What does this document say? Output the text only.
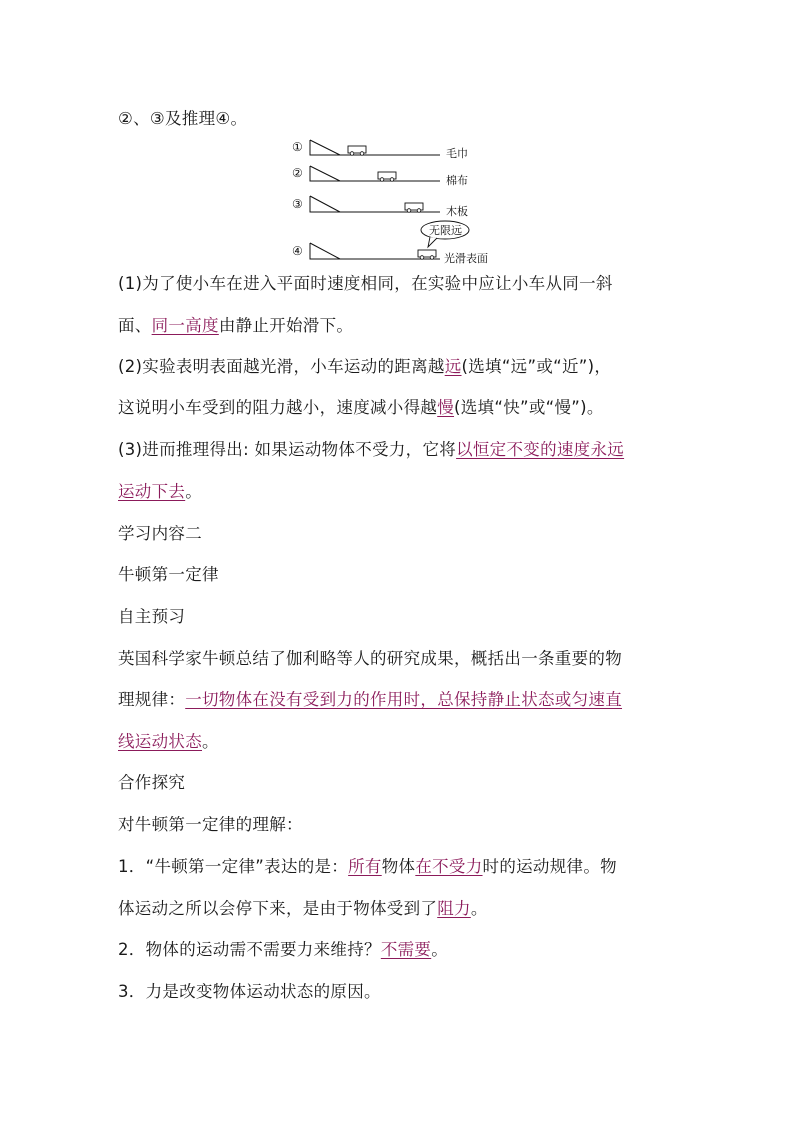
②、③及推理④。
①	毛巾
②
棉布
③
木板
④
无限远
光滑表面
(1)为了使小车在进入平面时速度相同，在实验中应让小车从同一斜
面、同一高度由静止开始滑下。
(2)实验表明表面越光滑，小车运动的距离越远(选填“远”或“近”)，
这说明小车受到的阻力越小，速度减小得越慢(选填“快”或“慢”)。
(3)进而推理得出: 如果运动物体不受力，它将以恒定不变的速度永远
运动下去。
学习内容二
牛顿第一定律
自主预习
英国科学家牛顿总结了伽利略等人的研究成果，概括出一条重要的物
理规律：一切物体在没有受到力的作用时，总保持静止状态或匀速直
线运动状态。
合作探究
对牛顿第一定律的理解：
1．“牛顿第一定律”表达的是：所有物体在不受力时的运动规律。物
体运动之所以会停下来，是由于物体受到了阻力。
2．物体的运动需不需要力来维持？不需要。
3．力是改变物体运动状态的原因。
